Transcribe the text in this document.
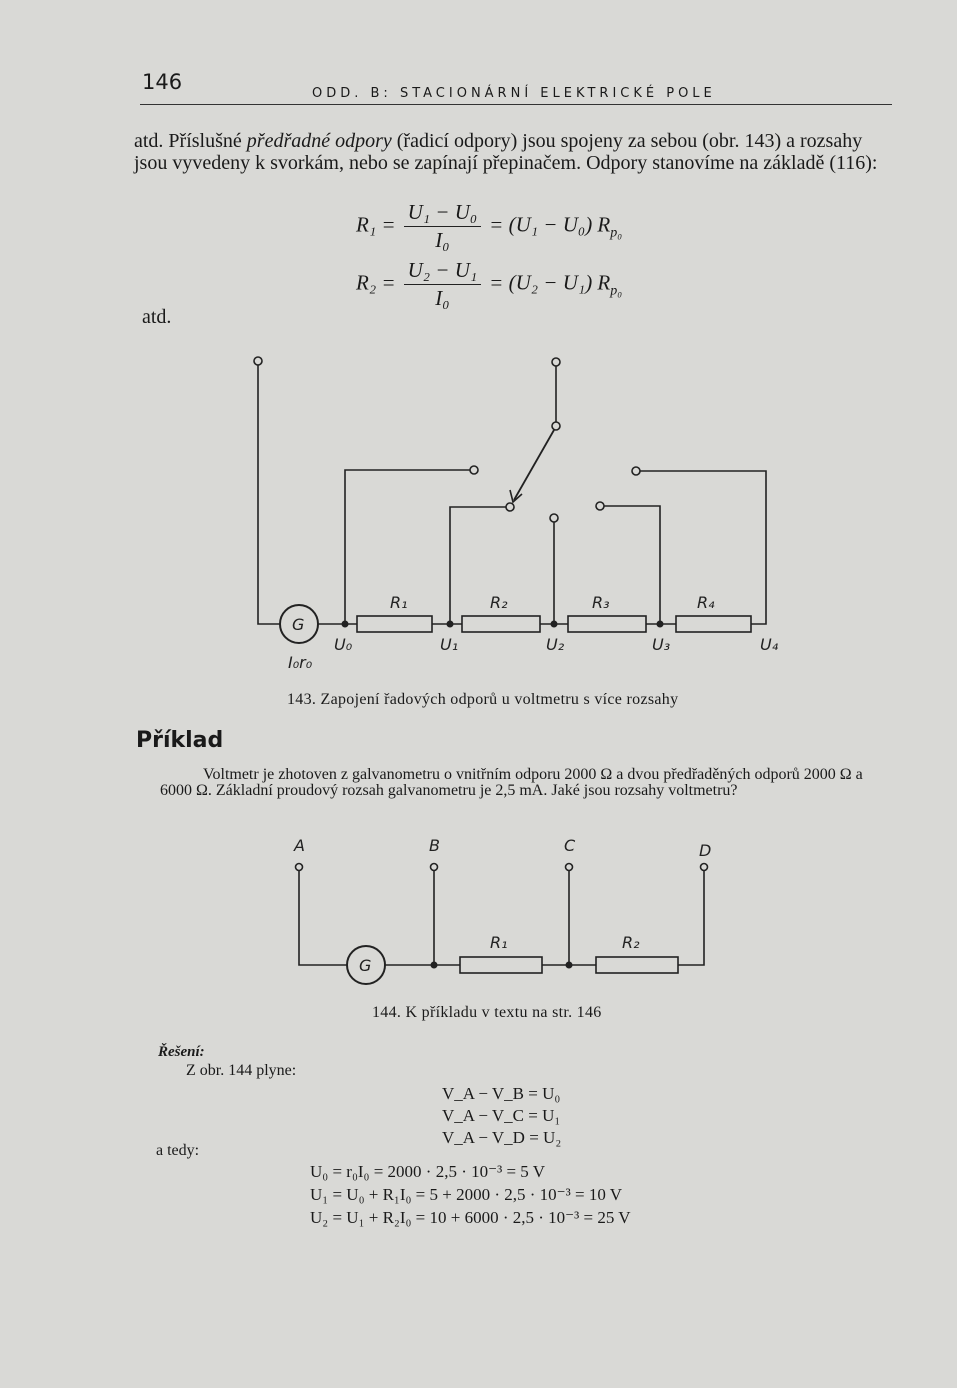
146	ODD. B: STACIONÁRNÍ ELEKTRICKÉ POLE
atd. Příslušné předřadné odpory (řadicí odpory) jsou spojeny za sebou (obr. 143) a rozsahy jsou vyvedeny k svorkám, nebo se zapínají přepinačem. Odpory stanovíme na základě (116):
$R_1 = \frac{\text{U₁ − U₀}}{\text{I₀}} = (U_1 - U_0)$ $R_{p_0}$
$R_2 = \frac{\text{U₂ − U₁}}{\text{I₀}} = (U_2 - U_1)$ $R_{p_0}$
atd.
G
I₀r₀
R₁	R₂	R₃	R₄
U₀	U₁	U₂	U₃	U₄
143. Zapojení řadových odporů u voltmetru s více rozsahy
Příklad
Voltmetr je zhotoven z galvanometru o vnitřním odporu 2000 Ω a dvou předřaděných odporů 2000 Ω a 6000 Ω. Základní proudový rozsah galvanometru je 2,5 mA. Jaké jsou rozsahy voltmetru?
A	B	C	D
G
R₁	R₂
144. K příkladu v textu na str. 146
Řešení:
Z obr. 144 plyne:
V_A − V_B = U₀
V_A − V_C = U₁
V_A − V_D = U₂
a tedy:
U₀ = r₀I₀ = 2000 · 2,5 · 10⁻³ = 5 V
U₁ = U₀ + R₁I₀ = 5 + 2000 · 2,5 · 10⁻³ = 10 V
U₂ = U₁ + R₂I₀ = 10 + 6000 · 2,5 · 10⁻³ = 25 V
